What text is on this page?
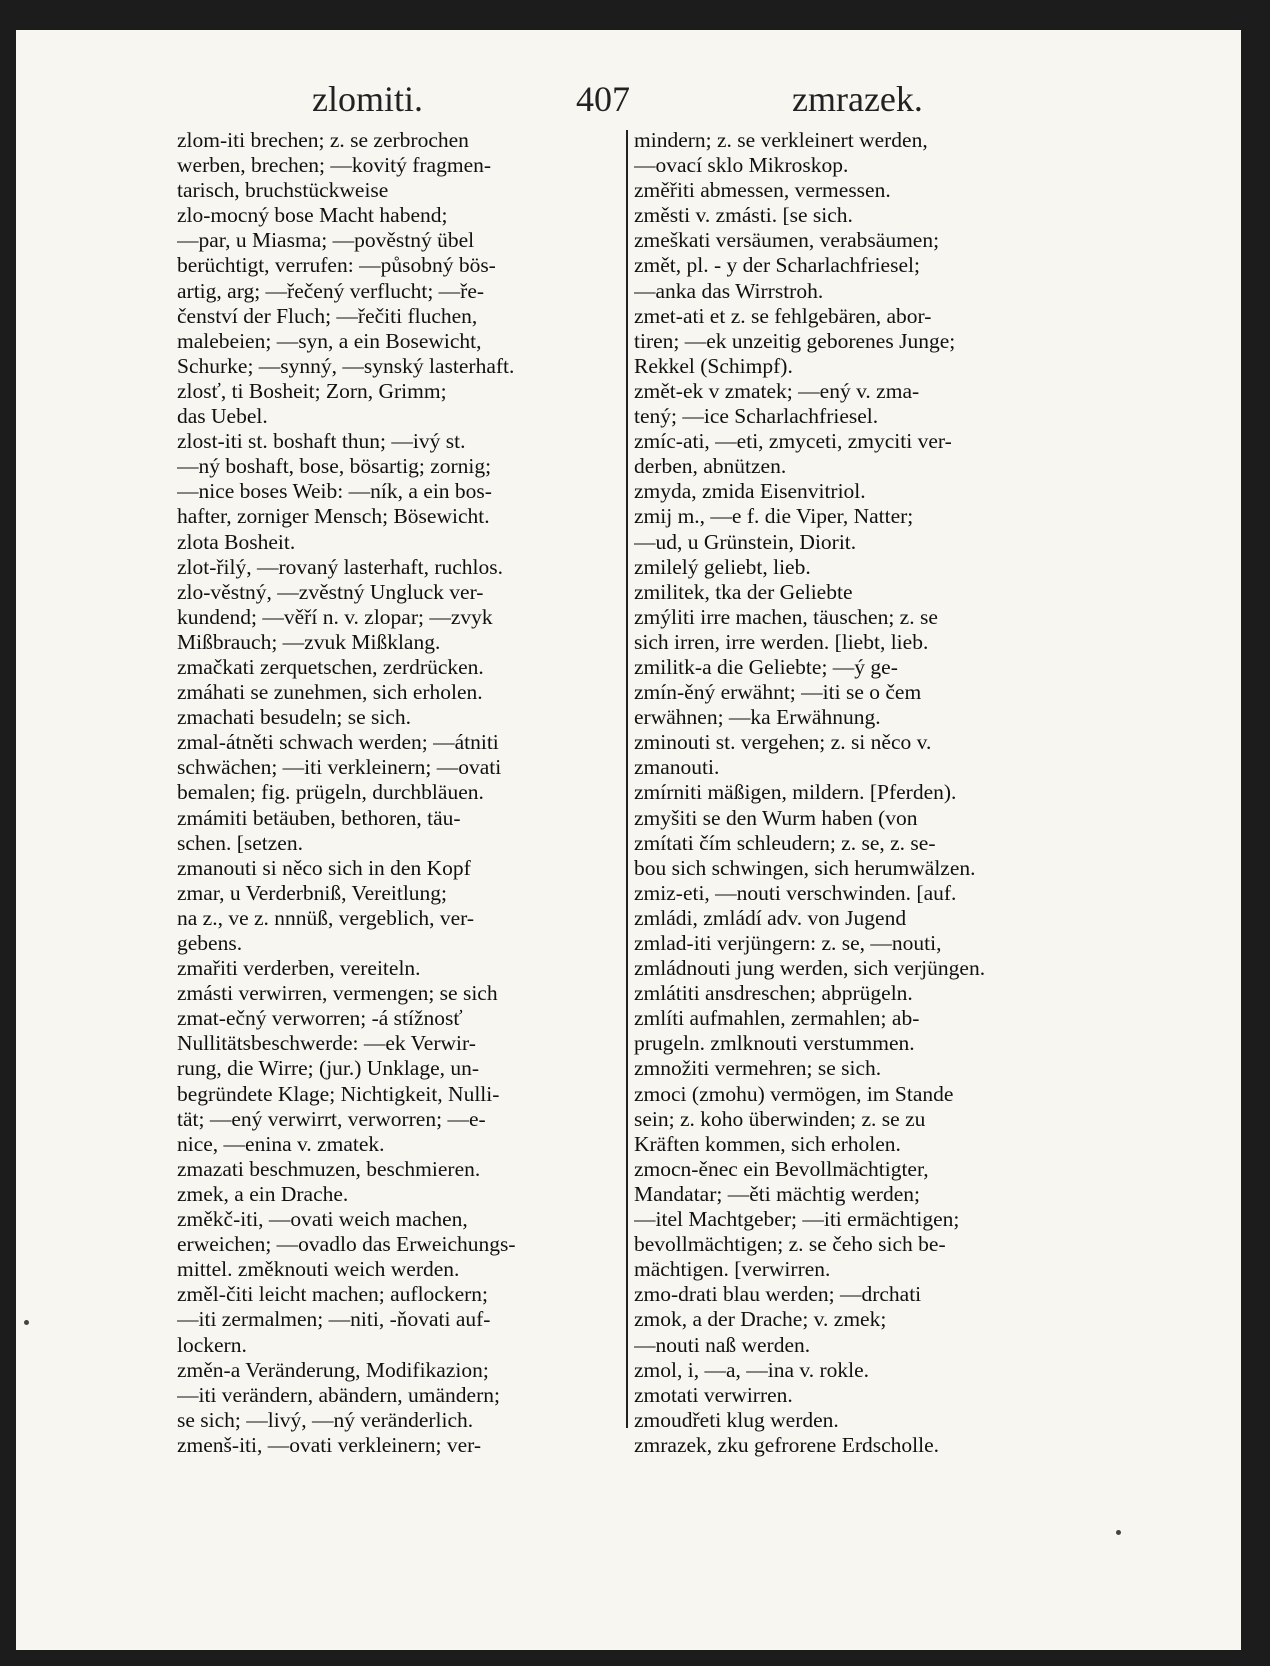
zlomiti.	407	zmrazek.
zlom-iti brechen; z. se zerbrochen
werben, brechen; —kovitý fragmen-
tarisch, bruchstückweise
zlo-mocný bose Macht habend;
—par, u Miasma; —pověstný übel
berüchtigt, verrufen: —působný bös-
artig, arg; —řečený verflucht; —ře-
čenství der Fluch; —řečiti fluchen,
malebeien; —syn, a ein Bosewicht,
Schurke; —synný, —synský lasterhaft.
zlosť, ti Bosheit; Zorn, Grimm;
das Uebel.
zlost-iti st. boshaft thun; —ivý st.
—ný boshaft, bose, bösartig; zornig;
—nice boses Weib: —ník, a ein bos-
hafter, zorniger Mensch; Bösewicht.
zlota Bosheit.
zlot-řilý, —rovaný lasterhaft, ruchlos.
zlo-věstný, —zvěstný Ungluck ver-
kundend; —věří n. v. zlopar; —zvyk
Mißbrauch; —zvuk Mißklang.
zmačkati zerquetschen, zerdrücken.
zmáhati se zunehmen, sich erholen.
zmachati besudeln; se sich.
zmal-átněti schwach werden; —átniti
schwächen; —iti verkleinern; —ovati
bemalen; fig. prügeln, durchbläuen.
zmámiti betäuben, bethoren, täu-
schen. [setzen.
zmanouti si něco sich in den Kopf
zmar, u Verderbniß, Vereitlung;
na z., ve z. nnnüß, vergeblich, ver-
gebens.
zmařiti verderben, vereiteln.
zmásti verwirren, vermengen; se sich
zmat-ečný verworren; -á stížnosť
Nullitätsbeschwerde: —ek Verwir-
rung, die Wirre; (jur.) Unklage, un-
begründete Klage; Nichtigkeit, Nulli-
tät; —ený verwirrt, verworren; —e-
nice, —enina v. zmatek.
zmazati beschmuzen, beschmieren.
zmek, a ein Drache.
změkč-iti, —ovati weich machen,
erweichen; —ovadlo das Erweichungs-
mittel. změknouti weich werden.
změl-čiti leicht machen; auflockern;
—iti zermalmen; —niti, -ňovati auf-
lockern.
změn-a Veränderung, Modifikazion;
—iti verändern, abändern, umändern;
se sich; —livý, —ný veränderlich.
zmenš-iti, —ovati verkleinern; ver-
mindern; z. se verkleinert werden,
—ovací sklo Mikroskop.
změřiti abmessen, vermessen.
změsti v. zmásti. [se sich.
zmeškati versäumen, verabsäumen;
změt, pl. - y der Scharlachfriesel;
—anka das Wirrstroh.
zmet-ati et z. se fehlgebären, abor-
tiren; —ek unzeitig geborenes Junge;
Rekkel (Schimpf).
změt-ek v zmatek; —ený v. zma-
tený; —ice Scharlachfriesel.
zmíc-ati, —eti, zmyceti, zmyciti ver-
derben, abnützen.
zmyda, zmida Eisenvitriol.
zmij m., —e f. die Viper, Natter;
—ud, u Grünstein, Diorit.
zmilelý geliebt, lieb.
zmilitek, tka der Geliebte
zmýliti irre machen, täuschen; z. se
sich irren, irre werden. [liebt, lieb.
zmilitk-a die Geliebte; —ý ge-
zmín-ěný erwähnt; —iti se o čem
erwähnen; —ka Erwähnung.
zminouti st. vergehen; z. si něco v.
zmanouti.
zmírniti mäßigen, mildern. [Pferden).
zmyšiti se den Wurm haben (von
zmítati čím schleudern; z. se, z. se-
bou sich schwingen, sich herumwälzen.
zmiz-eti, —nouti verschwinden. [auf.
zmládi, zmládí adv. von Jugend
zmlad-iti verjüngern: z. se, —nouti,
zmládnouti jung werden, sich verjüngen.
zmlátiti ansdreschen; abprügeln.
zmlíti aufmahlen, zermahlen; ab-
prugeln. zmlknouti verstummen.
zmnožiti vermehren; se sich.
zmoci (zmohu) vermögen, im Stande
sein; z. koho überwinden; z. se zu
Kräften kommen, sich erholen.
zmocn-ěnec ein Bevollmächtigter,
Mandatar; —ěti mächtig werden;
—itel Machtgeber; —iti ermächtigen;
bevollmächtigen; z. se čeho sich be-
mächtigen. [verwirren.
zmo-drati blau werden; —drchati
zmok, a der Drache; v. zmek;
—nouti naß werden.
zmol, i, —a, —ina v. rokle.
zmotati verwirren.
zmoudřeti klug werden.
zmrazek, zku gefrorene Erdscholle.
